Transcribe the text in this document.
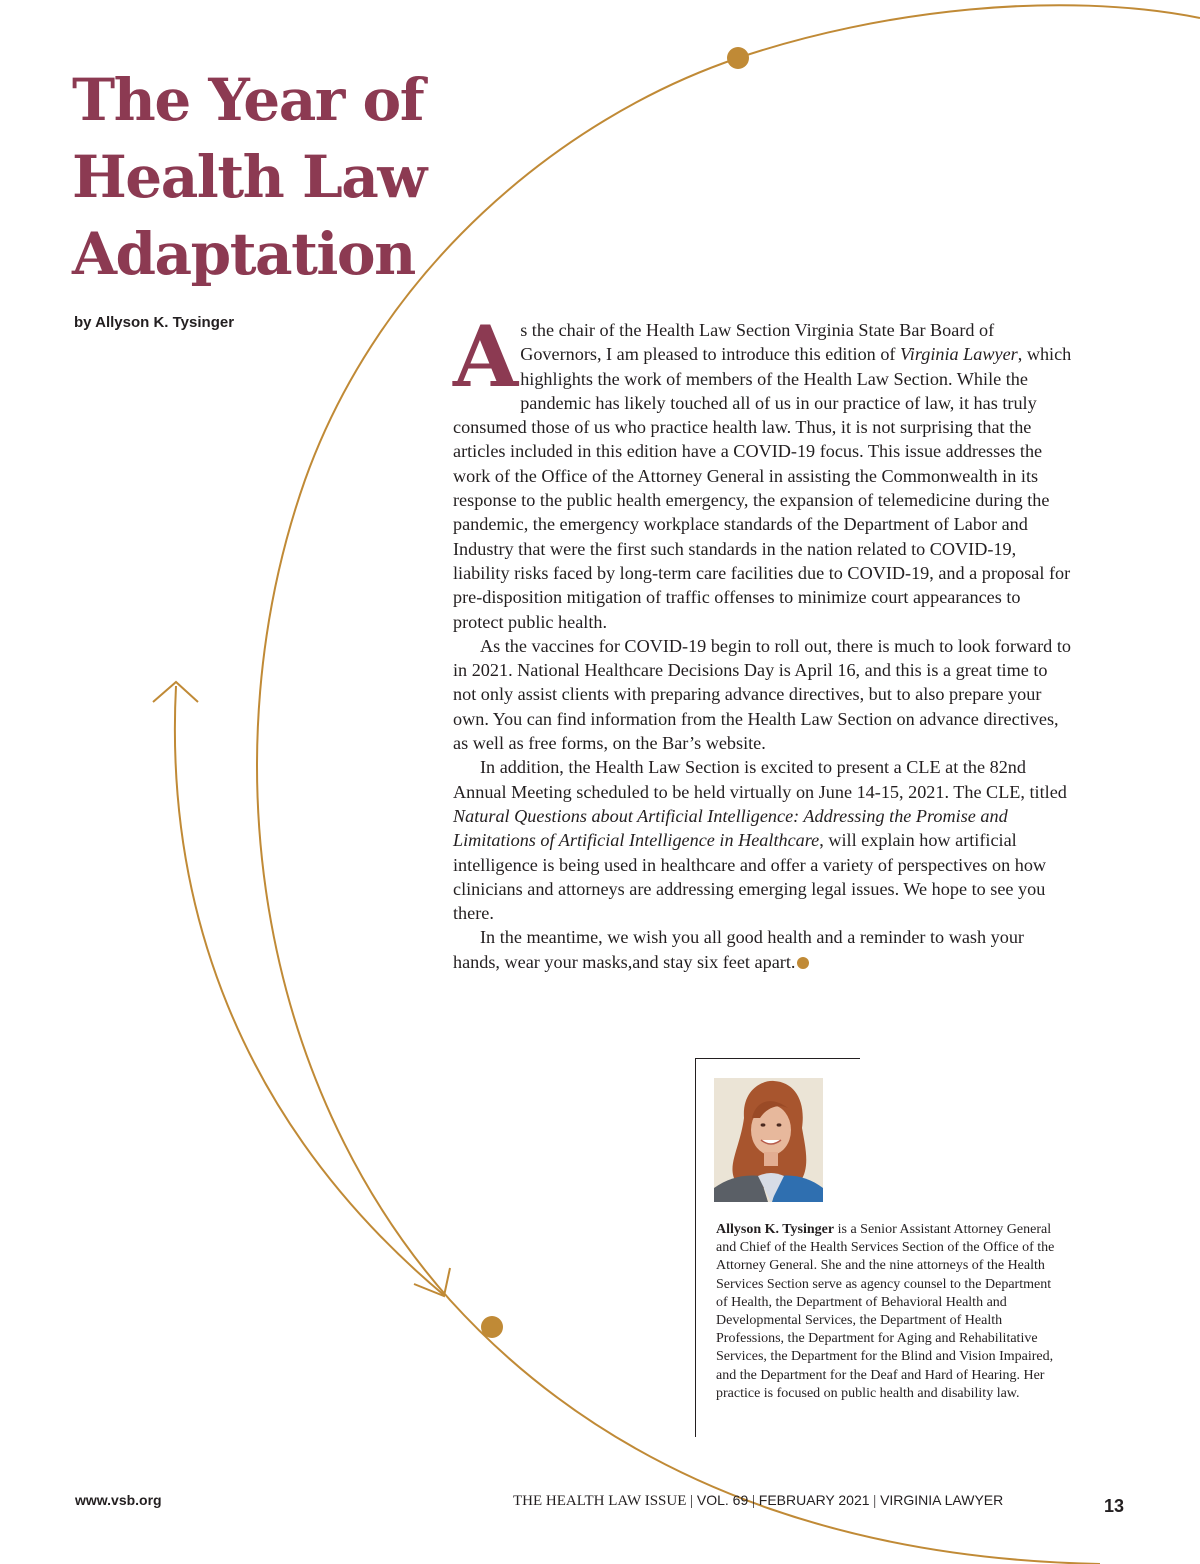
The Year of
Health Law
Adaptation
by Allyson K. Tysinger	As the chair of the Health Law Section Virginia State Bar Board of Governors, I am pleased to introduce this edition of Virginia Lawyer, which highlights the work of members of the Health Law Section. While the pandemic has likely touched all of us in our practice of law, it has truly consumed those of us who practice health law. Thus, it is not surprising that the articles included in this edition have a COVID-19 focus. This issue addresses the work of the Office of the Attorney General in assisting the Commonwealth in its response to the public health emergency, the expansion of telemedicine during the pandemic, the emergency workplace standards of the Department of Labor and Industry that were the first such standards in the nation related to COVID-19, liability risks faced by long-term care facilities due to COVID-19, and a proposal for pre-disposition mitigation of traffic offenses to minimize court appearances to protect public health.

As the vaccines for COVID-19 begin to roll out, there is much to look forward to in 2021. National Healthcare Decisions Day is April 16, and this is a great time to not only assist clients with preparing advance directives, but to also prepare your own. You can find information from the Health Law Section on advance directives, as well as free forms, on the Bar’s website.

In addition, the Health Law Section is excited to present a CLE at the 82nd Annual Meeting scheduled to be held virtually on June 14-15, 2021. The CLE, titled Natural Questions about Artificial Intelligence: Addressing the Promise and Limitations of Artificial Intelligence in Healthcare, will explain how artificial intelligence is being used in healthcare and offer a variety of perspectives on how clinicians and attorneys are addressing emerging legal issues. We hope to see you there.

In the meantime, we wish you all good health and a reminder to wash your hands, wear your masks,and stay six feet apart.

Allyson K. Tysinger is a Senior Assistant Attorney General and Chief of the Health Services Section of the Office of the Attorney General. She and the nine attorneys of the Health Services Section serve as agency counsel to the Department of Health, the Department of Behavioral Health and Developmental Services, the Department of Health Professions, the Department for Aging and Rehabilitative Services, the Department for the Blind and Vision Impaired, and the Department for the Deaf and Hard of Hearing. Her practice is focused on public health and disability law.
www.vsb.org	THE HEALTH LAW ISSUE | VOL. 69 | FEBRUARY 2021 | VIRGINIA LAWYER	13
